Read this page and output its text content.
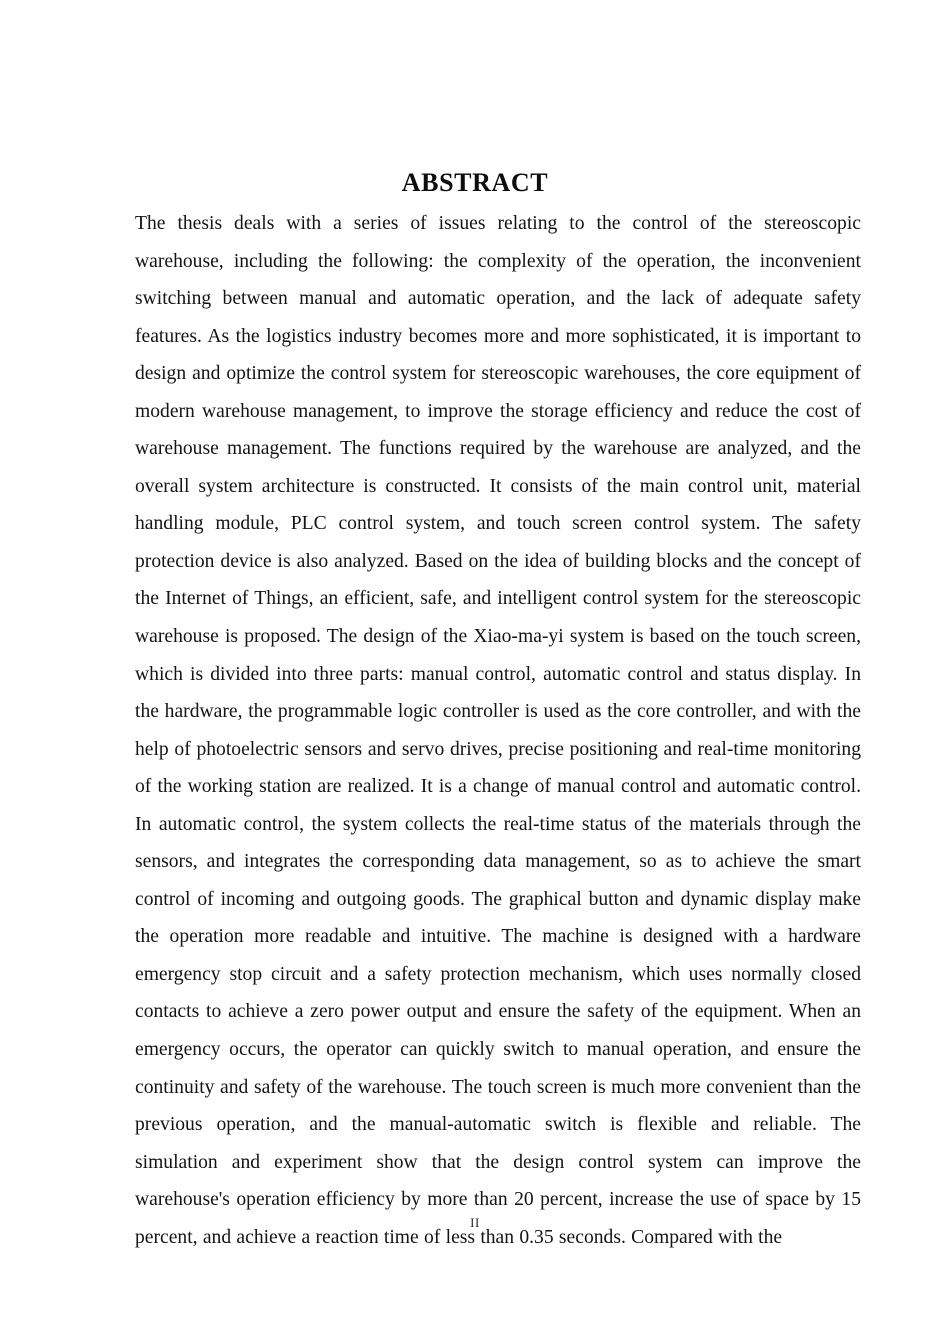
ABSTRACT

The thesis deals with a series of issues relating to the control of the stereoscopic warehouse, including the following: the complexity of the operation, the inconvenient switching between manual and automatic operation, and the lack of adequate safety features. As the logistics industry becomes more and more sophisticated, it is important to design and optimize the control system for stereoscopic warehouses, the core equipment of modern warehouse management, to improve the storage efficiency and reduce the cost of warehouse management. The functions required by the warehouse are analyzed, and the overall system architecture is constructed. It consists of the main control unit, material handling module, PLC control system, and touch screen control system. The safety protection device is also analyzed. Based on the idea of building blocks and the concept of the Internet of Things, an efficient, safe, and intelligent control system for the stereoscopic warehouse is proposed. The design of the Xiao-ma-yi system is based on the touch screen, which is divided into three parts: manual control, automatic control and status display. In the hardware, the programmable logic controller is used as the core controller, and with the help of photoelectric sensors and servo drives, precise positioning and real-time monitoring of the working station are realized. It is a change of manual control and automatic control. In automatic control, the system collects the real-time status of the materials through the sensors, and integrates the corresponding data management, so as to achieve the smart control of incoming and outgoing goods. The graphical button and dynamic display make the operation more readable and intuitive. The machine is designed with a hardware emergency stop circuit and a safety protection mechanism, which uses normally closed contacts to achieve a zero power output and ensure the safety of the equipment. When an emergency occurs, the operator can quickly switch to manual operation, and ensure the continuity and safety of the warehouse. The touch screen is much more convenient than the previous operation, and the manual-automatic switch is flexible and reliable. The simulation and experiment show that the design control system can improve the warehouse's operation efficiency by more than 20 percent, increase the use of space by 15 percent, and achieve a reaction time of less than 0.35 seconds. Compared with the

II
